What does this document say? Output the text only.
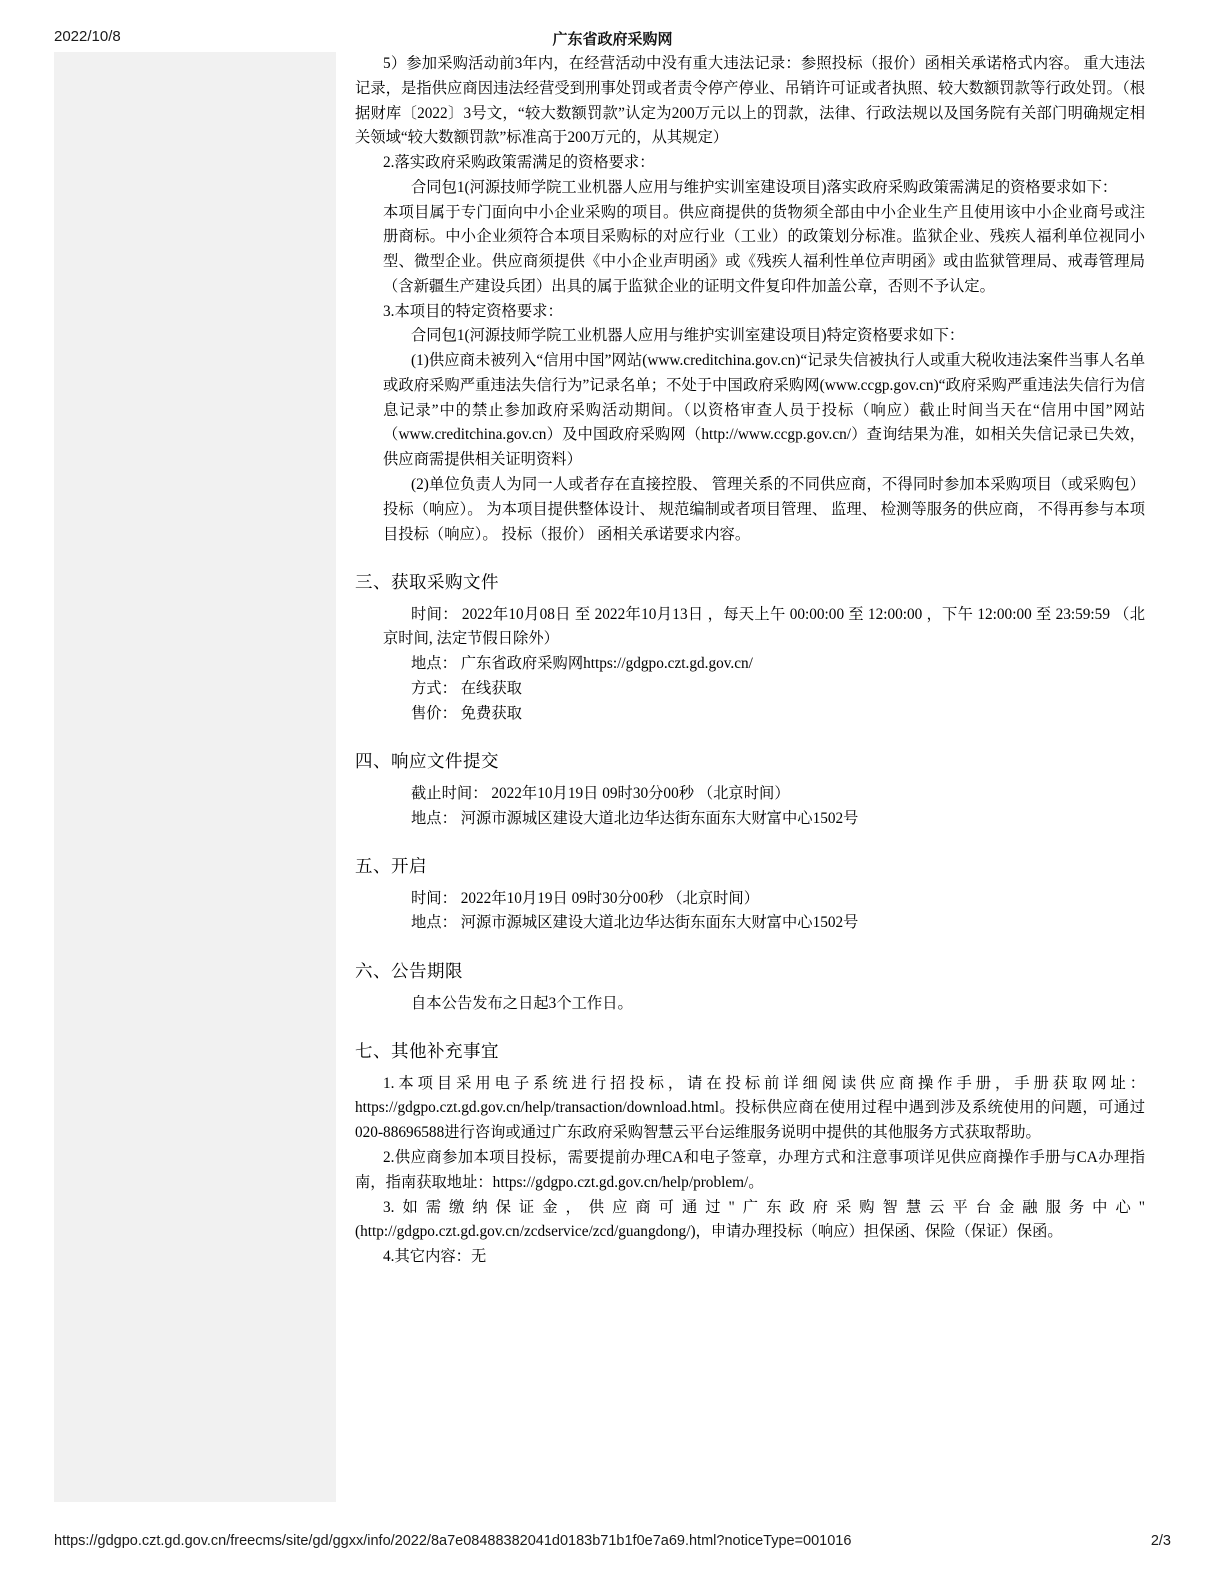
2022/10/8	广东省政府采购网

5）参加采购活动前3年内，在经营活动中没有重大违法记录：参照投标（报价）函相关承诺格式内容。 重大违法记录，是指供应商因违法经营受到刑事处罚或者责令停产停业、吊销许可证或者执照、较大数额罚款等行政处罚。（根据财库〔2022〕3号文，“较大数额罚款”认定为200万元以上的罚款，法律、行政法规以及国务院有关部门明确规定相关领域“较大数额罚款”标准高于200万元的，从其规定）

2.落实政府采购政策需满足的资格要求：

合同包1(河源技师学院工业机器人应用与维护实训室建设项目)落实政府采购政策需满足的资格要求如下：

本项目属于专门面向中小企业采购的项目。供应商提供的货物须全部由中小企业生产且使用该中小企业商号或注册商标。中小企业须符合本项目采购标的对应行业（工业）的政策划分标准。监狱企业、残疾人福利单位视同小型、微型企业。供应商须提供《中小企业声明函》或《残疾人福利性单位声明函》或由监狱管理局、戒毒管理局（含新疆生产建设兵团）出具的属于监狱企业的证明文件复印件加盖公章，否则不予认定。

3.本项目的特定资格要求：

合同包1(河源技师学院工业机器人应用与维护实训室建设项目)特定资格要求如下：

(1)供应商未被列入“信用中国”网站(www.creditchina.gov.cn)“记录失信被执行人或重大税收违法案件当事人名单或政府采购严重违法失信行为”记录名单；不处于中国政府采购网(www.ccgp.gov.cn)“政府采购严重违法失信行为信息记录”中的禁止参加政府采购活动期间。（以资格审查人员于投标（响应）截止时间当天在“信用中国”网站（www.creditchina.gov.cn）及中国政府采购网（http://www.ccgp.gov.cn/）查询结果为准，如相关失信记录已失效，供应商需提供相关证明资料）

(2)单位负责人为同一人或者存在直接控股、 管理关系的不同供应商，不得同时参加本采购项目（或采购包） 投标（响应）。 为本项目提供整体设计、 规范编制或者项目管理、 监理、 检测等服务的供应商， 不得再参与本项目投标（响应）。 投标（报价） 函相关承诺要求内容。

三、获取采购文件

时间： 2022年10月08日 至 2022年10月13日 ，每天上午 00:00:00 至 12:00:00 ，下午 12:00:00 至 23:59:59 （北京时间, 法定节假日除外）

地点： 广东省政府采购网https://gdgpo.czt.gd.gov.cn/

方式： 在线获取

售价： 免费获取

四、响应文件提交

截止时间： 2022年10月19日 09时30分00秒 （北京时间）

地点： 河源市源城区建设大道北边华达街东面东大财富中心1502号

五、开启

时间： 2022年10月19日 09时30分00秒 （北京时间）

地点： 河源市源城区建设大道北边华达街东面东大财富中心1502号

六、公告期限

自本公告发布之日起3个工作日。

七、其他补充事宜

1.本项目采用电子系统进行招投标，请在投标前详细阅读供应商操作手册，手册获取网址：https://gdgpo.czt.gd.gov.cn/help/transaction/download.html。投标供应商在使用过程中遇到涉及系统使用的问题，可通过020-88696588进行咨询或通过广东政府采购智慧云平台运维服务说明中提供的其他服务方式获取帮助。

2.供应商参加本项目投标，需要提前办理CA和电子签章，办理方式和注意事项详见供应商操作手册与CA办理指南，指南获取地址：https://gdgpo.czt.gd.gov.cn/help/problem/。

3.如需缴纳保证金，供应商可通过"广东政府采购智慧云平台金融服务中心"(http://gdgpo.czt.gd.gov.cn/zcdservice/zcd/guangdong/)，申请办理投标（响应）担保函、保险（保证）保函。

4.其它内容：无

https://gdgpo.czt.gd.gov.cn/freecms/site/gd/ggxx/info/2022/8a7e08488382041d0183b71b1f0e7a69.html?noticeType=001016	2/3
